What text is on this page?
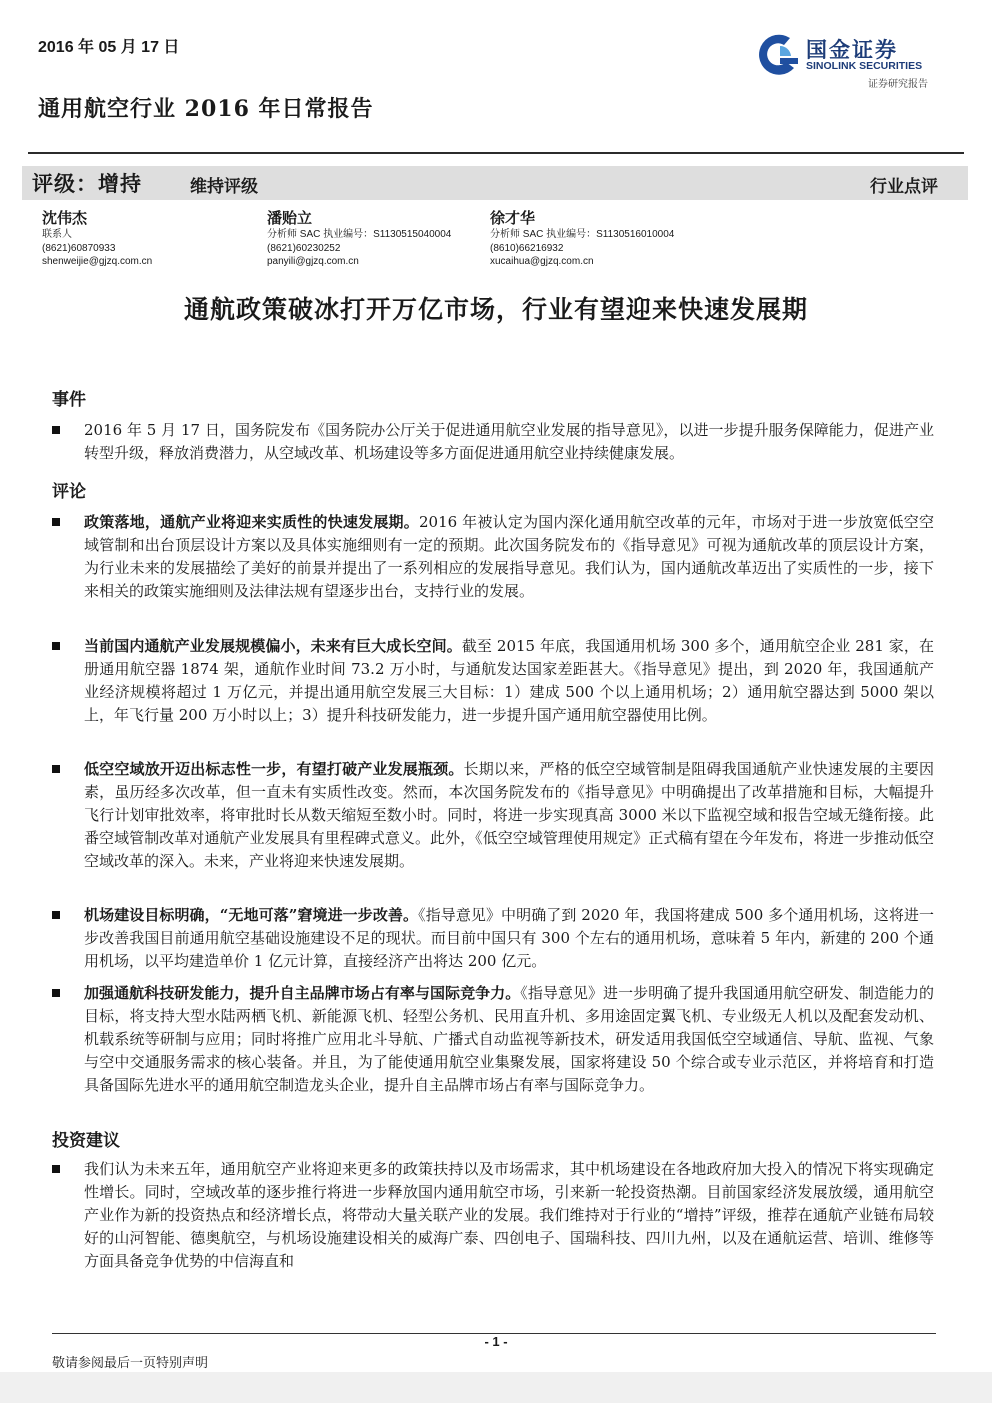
2016 年 05 月 17 日
通用航空行业 2016 年日常报告
国金证券
SINOLINK SECURITIES
证券研究报告
评级：增持	维持评级	行业点评
沈伟杰
联系人
(8621)60870933
shenweijie@gjzq.com.cn
潘贻立
分析师 SAC 执业编号：S1130515040004
(8621)60230252
panyili@gjzq.com.cn
徐才华
分析师 SAC 执业编号：S1130516010004
(8610)66216932
xucaihua@gjzq.com.cn
通航政策破冰打开万亿市场，行业有望迎来快速发展期
事件
2016 年 5 月 17 日，国务院发布《国务院办公厅关于促进通用航空业发展的指导意见》，以进一步提升服务保障能力，促进产业转型升级，释放消费潜力，从空域改革、机场建设等多方面促进通用航空业持续健康发展。
评论
政策落地，通航产业将迎来实质性的快速发展期。2016 年被认定为国内深化通用航空改革的元年，市场对于进一步放宽低空空域管制和出台顶层设计方案以及具体实施细则有一定的预期。此次国务院发布的《指导意见》可视为通航改革的顶层设计方案，为行业未来的发展描绘了美好的前景并提出了一系列相应的发展指导意见。我们认为，国内通航改革迈出了实质性的一步，接下来相关的政策实施细则及法律法规有望逐步出台，支持行业的发展。
当前国内通航产业发展规模偏小，未来有巨大成长空间。截至 2015 年底，我国通用机场 300 多个，通用航空企业 281 家，在册通用航空器 1874 架，通航作业时间 73.2 万小时，与通航发达国家差距甚大。《指导意见》提出，到 2020 年，我国通航产业经济规模将超过 1 万亿元，并提出通用航空发展三大目标：1）建成 500 个以上通用机场；2）通用航空器达到 5000 架以上，年飞行量 200 万小时以上；3）提升科技研发能力，进一步提升国产通用航空器使用比例。
低空空域放开迈出标志性一步，有望打破产业发展瓶颈。长期以来，严格的低空空域管制是阻碍我国通航产业快速发展的主要因素，虽历经多次改革，但一直未有实质性改变。然而，本次国务院发布的《指导意见》中明确提出了改革措施和目标，大幅提升飞行计划审批效率，将审批时长从数天缩短至数小时。同时，将进一步实现真高 3000 米以下监视空域和报告空域无缝衔接。此番空域管制改革对通航产业发展具有里程碑式意义。此外，《低空空域管理使用规定》正式稿有望在今年发布，将进一步推动低空空域改革的深入。未来，产业将迎来快速发展期。
机场建设目标明确，“无地可落”窘境进一步改善。《指导意见》中明确了到 2020 年，我国将建成 500 多个通用机场，这将进一步改善我国目前通用航空基础设施建设不足的现状。而目前中国只有 300 个左右的通用机场，意味着 5 年内，新建的 200 个通用机场，以平均建造单价 1 亿元计算，直接经济产出将达 200 亿元。
加强通航科技研发能力，提升自主品牌市场占有率与国际竞争力。《指导意见》进一步明确了提升我国通用航空研发、制造能力的目标，将支持大型水陆两栖飞机、新能源飞机、轻型公务机、民用直升机、多用途固定翼飞机、专业级无人机以及配套发动机、机载系统等研制与应用；同时将推广应用北斗导航、广播式自动监视等新技术，研发适用我国低空空域通信、导航、监视、气象与空中交通服务需求的核心装备。并且，为了能使通用航空业集聚发展，国家将建设 50 个综合或专业示范区，并将培育和打造具备国际先进水平的通用航空制造龙头企业，提升自主品牌市场占有率与国际竞争力。
投资建议
我们认为未来五年，通用航空产业将迎来更多的政策扶持以及市场需求，其中机场建设在各地政府加大投入的情况下将实现确定性增长。同时，空域改革的逐步推行将进一步释放国内通用航空市场，引来新一轮投资热潮。目前国家经济发展放缓，通用航空产业作为新的投资热点和经济增长点，将带动大量关联产业的发展。我们维持对于行业的“增持”评级，推荐在通航产业链布局较好的山河智能、德奥航空，与机场设施建设相关的威海广泰、四创电子、国瑞科技、四川九州，以及在通航运营、培训、维修等方面具备竞争优势的中信海直和
- 1 -
敬请参阅最后一页特别声明
